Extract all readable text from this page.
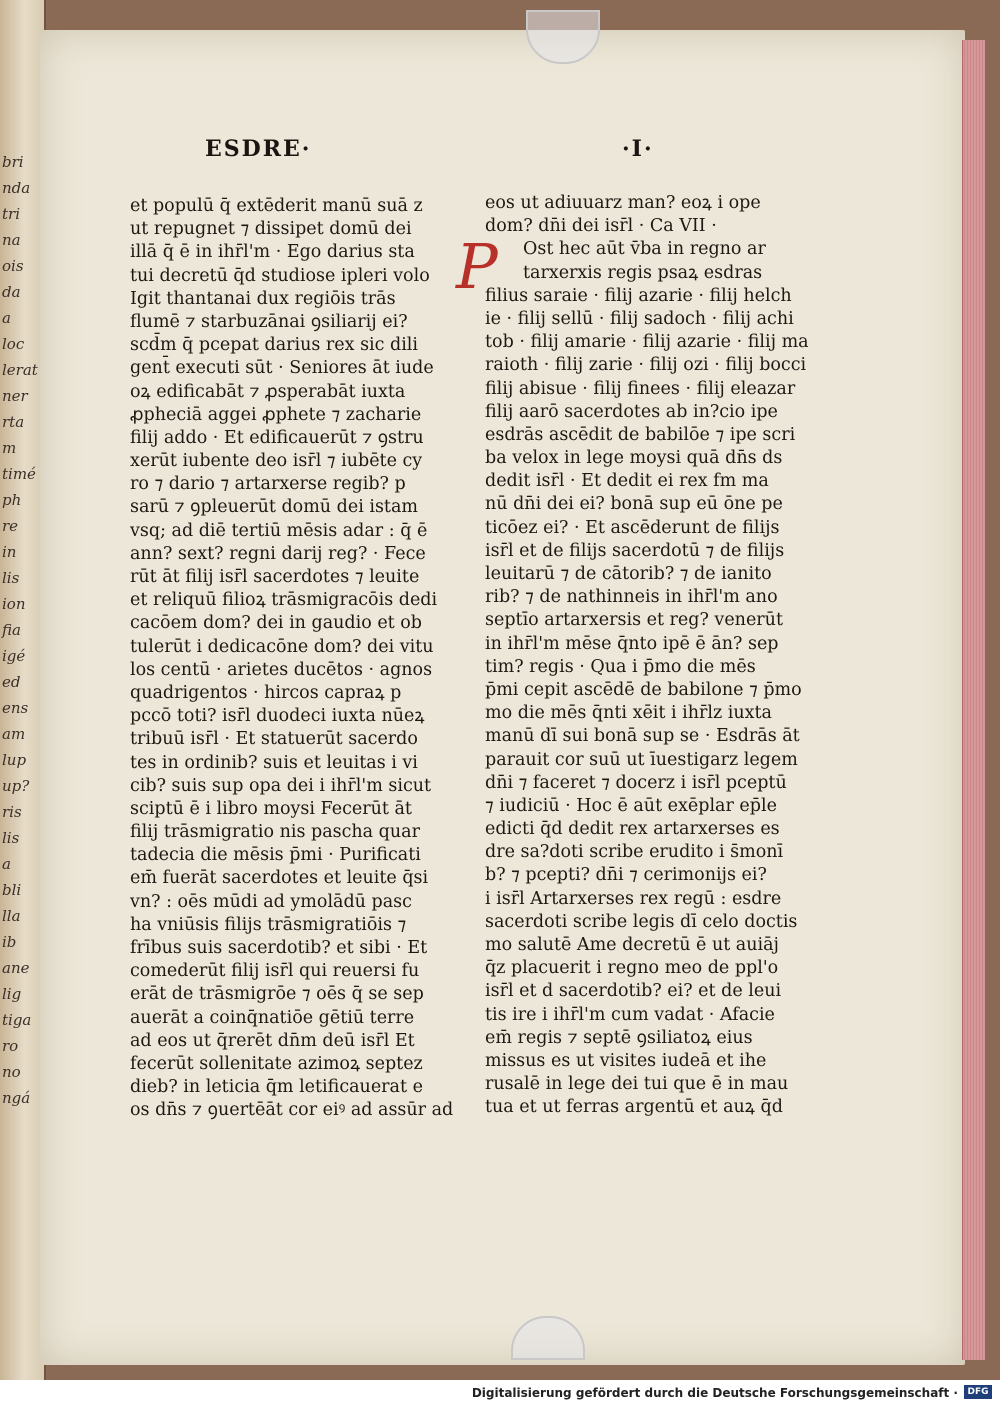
bri
nda
tri
na
ois
da
a
loc
lerat
ner
rta
m
timé
ph
re
in
lis
ion
fia
igé
ed
ens
am
lup
up?
ris
lis
a
bli
lla
ib
ane
lig
tiga
ro
no
ngá
ESDRE·	·I·
et populū q̄ extēderit manū suā z
ut repugnet ⁊ dissipet domū dei
illā q̄ ē in ihr̄l'm · Ego darius sta
tui decretū q̄d studiose ipleri volo
Igit thantanai dux regiōis trās
flumē ⁊ starbuzānai ꝯsiliarij ei?
scd̄m q̄ pcepat darius rex sic dili
gent̄ executi sūt · Seniores āt iude
oꝝ edificabāt ⁊ ꝓsperabāt iuxta
ꝓpheciā aggei ꝓphete ⁊ zacharie
filij addo · Et edificauerūt ⁊ ꝯstru
xerūt iubente deo isr̄l ⁊ iubēte cy
ro ⁊ dario ⁊ artarxerse regib? p
sarū ⁊ ꝯpleuerūt domū dei istam
vsq; ad diē tertiū mēsis adar : q̄ ē
ann? sext? regni darij reg? · Fece
rūt āt filij isr̄l sacerdotes ⁊ leuite
et reliquū filioꝝ trāsmigracōis dedi
cacōem dom? dei in gaudio et ob
tulerūt i dedicacōne dom? dei vitu
los centū · arietes ducētos · agnos
quadrigentos · hircos capraꝝ p
pccō toti? isr̄l duodeci iuxta nūeꝝ
tribuū isr̄l · Et statuerūt sacerdo
tes in ordinib? suis et leuitas i vi
cib? suis sup opa dei i ihr̄l'm sicut
sciptū ē i libro moysi Fecerūt āt
filij trāsmigratio nis pascha quar
tadecia die mēsis p̄mi · Purificati
em̄ fuerāt sacerdotes et leuite q̄si
vn? : oēs mūdi ad ymolādū pasc
ha vniūsis filijs trāsmigratiōis ⁊
frībus suis sacerdotib? et sibi · Et
comederūt filij isr̄l qui reuersi fu
erāt de trāsmigrōe ⁊ oēs q̄ se sep
auerāt a coinq̄natiōe gētiū terre
ad eos ut q̄rerēt dn̄m deū isr̄l Et
fecerūt sollenitate azimoꝝ septez
dieb? in leticia q̄m letificauerat e
os dn̄s ⁊ ꝯuertēāt cor eiꝰ ad assūr ad
eos ut adiuuarz man? eoꝝ i ope
dom? dn̄i dei isr̄l · Ca VII ·
Ost hec aūt v̄ba in regno ar
tarxerxis regis psaꝝ esdras
filius saraie · filij azarie · filij helch
ie · filij sellū · filij sadoch · filij achi
tob · filij amarie · filij azarie · filij ma
raioth · filij zarie · filij ozi · filij bocci
filij abisue · filij finees · filij eleazar
filij aarō sacerdotes ab in?cio ipe
esdrās ascēdit de babilōe ⁊ ipe scri
ba velox in lege moysi quā dn̄s ds
dedit isr̄l · Et dedit ei rex fm ma
nū dn̄i dei ei? bonā sup eū ōne pe
ticōez ei? · Et ascēderunt de filijs
isr̄l et de filijs sacerdotū ⁊ de filijs
leuitarū ⁊ de cātorib? ⁊ de ianito
rib? ⁊ de nathinneis in ihr̄l'm ano
septīo artarxersis et reg? venerūt
in ihr̄l'm mēse q̄nto ipē ē ān? sep
tim? regis · Qua i p̄mo die mēs
p̄mi cepit ascēdē de babilone ⁊ p̄mo
mo die mēs q̄nti xēit i ihr̄lz iuxta
manū dī sui bonā sup se · Esdrās āt
parauit cor suū ut īuestigarz legem
dn̄i ⁊ faceret ⁊ docerz i isr̄l pceptū
⁊ iudiciū · Hoc ē aūt exēplar ep̄le
edicti q̄d dedit rex artarxerses es
dre sa?doti scribe erudito i s̄monī
b? ⁊ pcepti? dn̄i ⁊ cerimonijs ei?
i isr̄l Artarxerses rex regū : esdre
sacerdoti scribe legis dī celo doctis
mo salutē Ame decretū ē ut auiāj
q̄z placuerit i regno meo de ppl'o
isr̄l et d sacerdotib? ei? et de leui
tis ire i ihr̄l'm cum vadat · Afacie
em̄ regis ⁊ septē ꝯsiliatoꝝ eius
missus es ut visites iudeā et ihe
rusalē in lege dei tui que ē in mau
tua et ut ferras argentū et auꝝ q̄d
P
Digitalisierung gefördert durch die Deutsche Forschungsgemeinschaft ·	DFG
